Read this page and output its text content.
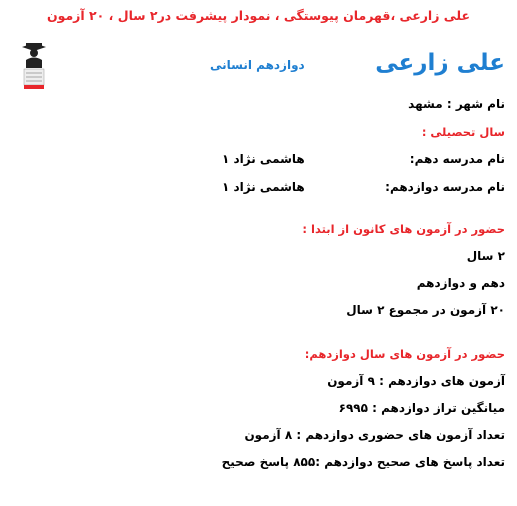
علی زارعی ،قهرمان پیوستگی ، نمودار پیشرفت در۲ سال ، ۲۰ آزمون
علی زارعی
دوازدهم انسانی
نام شهر : مشهد
سال تحصیلی :
نام مدرسه دهم:
هاشمی نژاد ۱
نام مدرسه دوازدهم:
هاشمی نژاد ۱
حضور در آزمون های کانون از ابتدا :
۲ سال
دهم و دوازدهم
۲۰ آزمون در مجموع ۲ سال
حضور در آزمون های سال دوازدهم:
آزمون های دوازدهم : ۹ آزمون
میانگین تراز دوازدهم : ۶۹۹۵
تعداد آزمون های حضوری دوازدهم : ۸ آزمون
تعداد پاسخ های صحیح دوازدهم :۸۵۵ پاسخ صحیح
